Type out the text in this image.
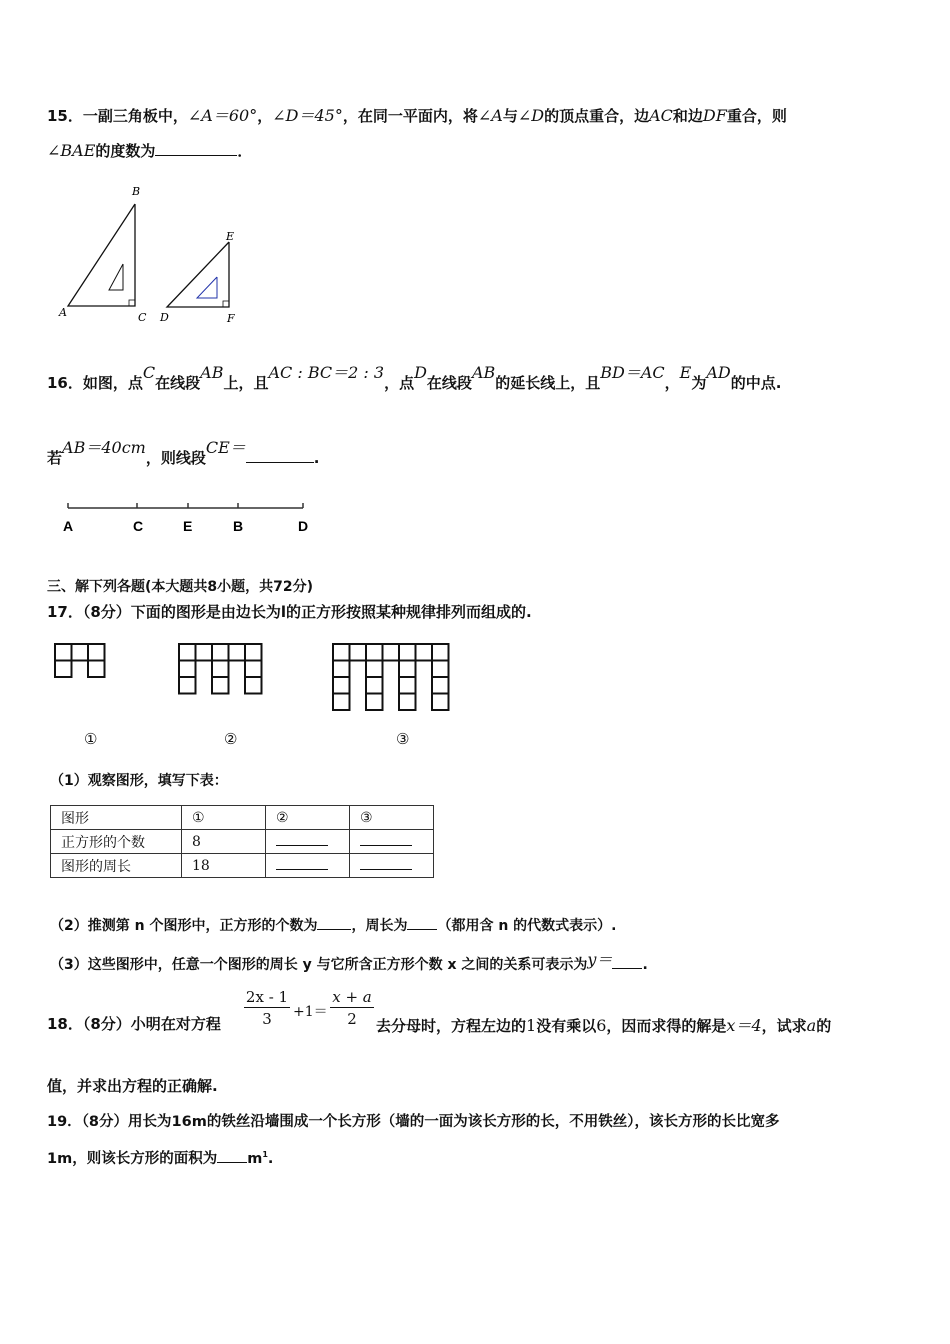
15．一副三角板中，∠A＝60°，∠D＝45°，在同一平面内，将∠A与∠D的顶点重合，边AC和边DF重合，则
∠BAE的度数为	．
B
A	C
E
D	F
16．如图，点C在线段AB上，且AC : BC＝2 : 3，点D在线段AB的延长线上，且BD＝AC，E为AD的中点.
若AB＝40cm，则线段CE＝.
A	C	E	B	D
三、解下列各题(本大题共8小题，共72分)
17．（8分）下面的图形是由边长为l的正方形按照某种规律排列而组成的.
①	②	③
（1）观察图形，填写下表：
图形	①	②	③
正方形的个数	8		
图形的周长	18		
（2）推测第 n 个图形中，正方形的个数为 ，周长为 （都用含 n 的代数式表示）.
（3）这些图形中，任意一个图形的周长 y 与它所含正方形个数 x 之间的关系可表示为y＝ .
18．（8分）小明在对方程
2x - 1
3	+1＝
x + a
2	去分母时，方程左边的1没有乘以6，因而求得的解是x＝4，试求a的
值，并求出方程的正确解.
19．（8分）用长为16m的铁丝沿墙围成一个长方形（墙的一面为该长方形的长，不用铁丝），该长方形的长比宽多
1m，则该长方形的面积为 $m^1$.
